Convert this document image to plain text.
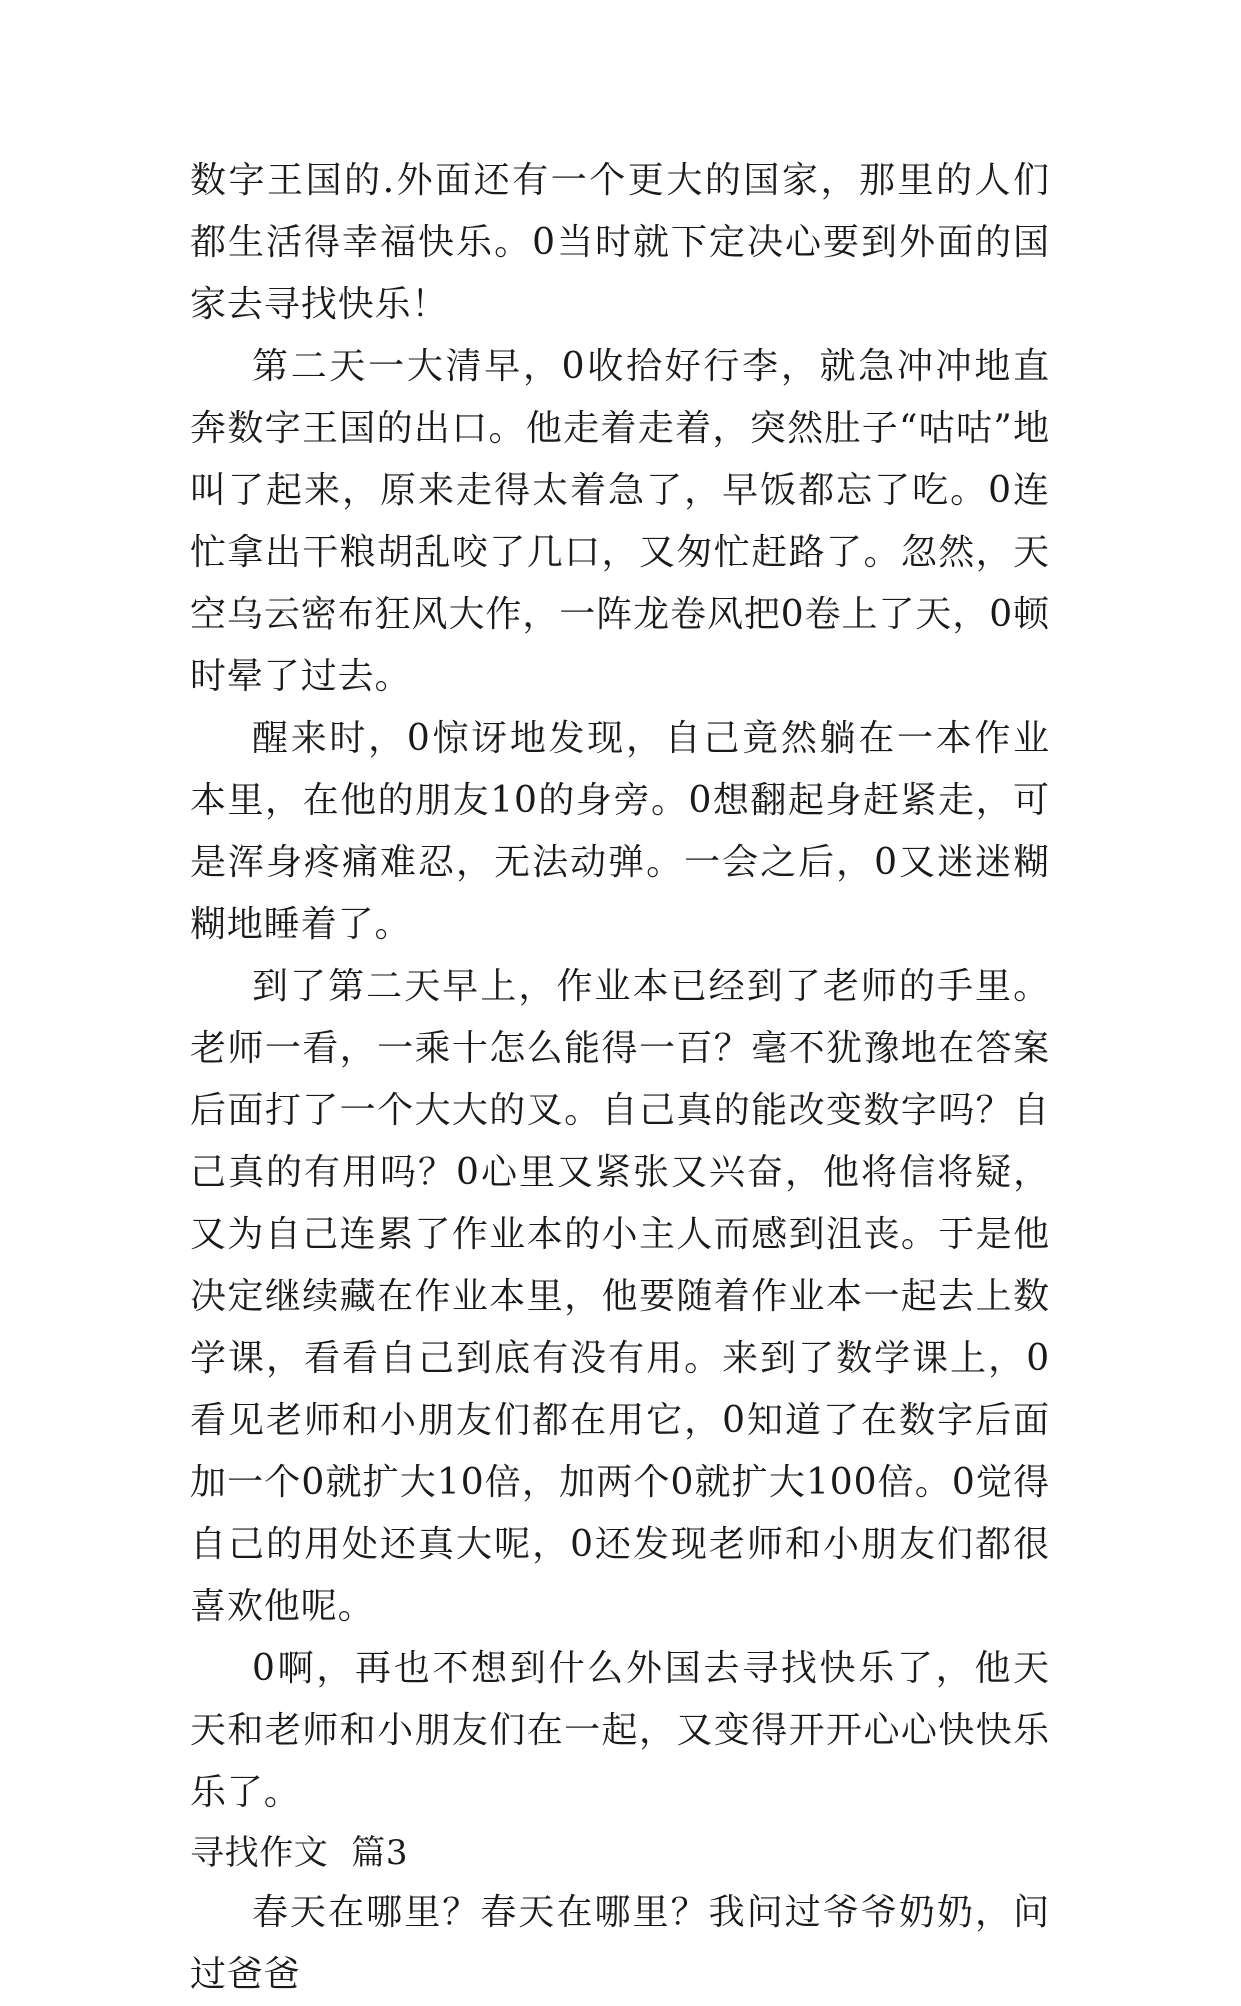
数字王国的.外面还有一个更大的国家，那里的人们都生活得幸福快乐。0当时就下定决心要到外面的国家去寻找快乐！

第二天一大清早，0收拾好行李，就急冲冲地直奔数字王国的出口。他走着走着，突然肚子“咕咕”地叫了起来，原来走得太着急了，早饭都忘了吃。0连忙拿出干粮胡乱咬了几口，又匆忙赶路了。忽然，天空乌云密布狂风大作，一阵龙卷风把0卷上了天，0顿时晕了过去。

醒来时，0惊讶地发现，自己竟然躺在一本作业本里，在他的朋友10的身旁。0想翻起身赶紧走，可是浑身疼痛难忍，无法动弹。一会之后，0又迷迷糊糊地睡着了。

到了第二天早上，作业本已经到了老师的手里。老师一看，一乘十怎么能得一百？毫不犹豫地在答案后面打了一个大大的叉。自己真的能改变数字吗？自己真的有用吗？0心里又紧张又兴奋，他将信将疑，又为自己连累了作业本的小主人而感到沮丧。于是他决定继续藏在作业本里，他要随着作业本一起去上数学课，看看自己到底有没有用。来到了数学课上，0看见老师和小朋友们都在用它，0知道了在数字后面加一个0就扩大10倍，加两个0就扩大100倍。0觉得自己的用处还真大呢，0还发现老师和小朋友们都很喜欢他呢。

0啊，再也不想到什么外国去寻找快乐了，他天天和老师和小朋友们在一起，又变得开开心心快快乐乐了。

寻找作文  篇3

春天在哪里？春天在哪里？我问过爷爷奶奶，问过爸爸
